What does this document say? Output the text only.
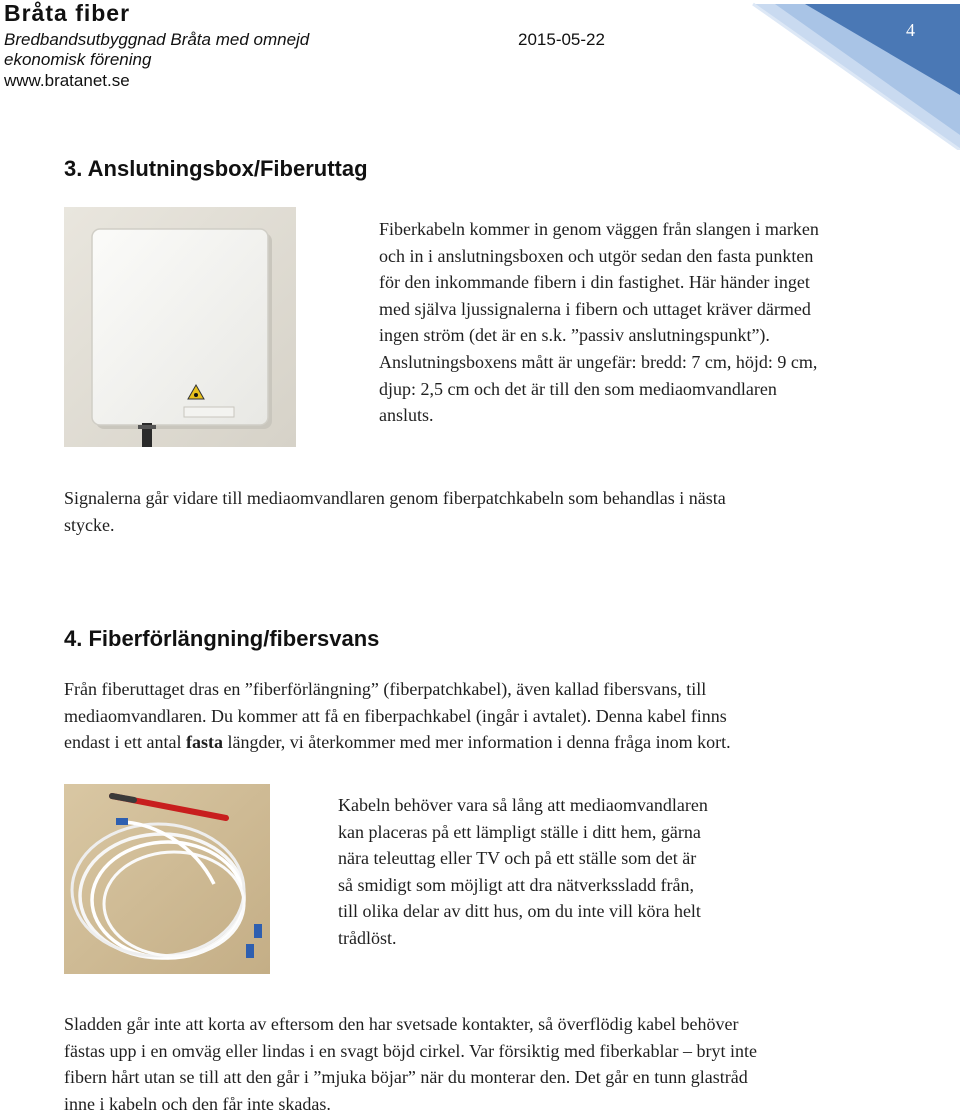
Bråta fiber
Bredbandsutbyggnad Bråta med omnejd
ekonomisk förening
www.bratanet.se
2015-05-22	4
3. Anslutningsbox/Fiberuttag
Fiberkabeln kommer in genom väggen från slangen i marken
och in i anslutningsboxen och utgör sedan den fasta punkten
för den inkommande fibern i din fastighet. Här händer inget
med själva ljussignalerna i fibern och uttaget kräver därmed
ingen ström (det är en s.k. ”passiv anslutningspunkt”).
Anslutningsboxens mått är ungefär: bredd: 7 cm, höjd: 9 cm,
djup: 2,5 cm och det är till den som mediaomvandlaren
ansluts.
Signalerna går vidare till mediaomvandlaren genom fiberpatchkabeln som behandlas i nästa
stycke.
4. Fiberförlängning/fibersvans
Från fiberuttaget dras en ”fiberförlängning” (fiberpatchkabel), även kallad fibersvans, till
mediaomvandlaren. Du kommer att få en fiberpachkabel (ingår i avtalet). Denna kabel finns
endast i ett antal fasta längder, vi återkommer med mer information i denna fråga inom kort.
Kabeln behöver vara så lång att mediaomvandlaren
kan placeras på ett lämpligt ställe i ditt hem, gärna
nära teleuttag eller TV och på ett ställe som det är
så smidigt som möjligt att dra nätverkssladd från,
till olika delar av ditt hus, om du inte vill köra helt
trådlöst.
Sladden går inte att korta av eftersom den har svetsade kontakter, så överflödig kabel behöver
fästas upp i en omväg eller lindas i en svagt böjd cirkel. Var försiktig med fiberkablar – bryt inte
fibern hårt utan se till att den går i ”mjuka böjar” när du monterar den. Det går en tunn glastråd
inne i kabeln och den får inte skadas.
